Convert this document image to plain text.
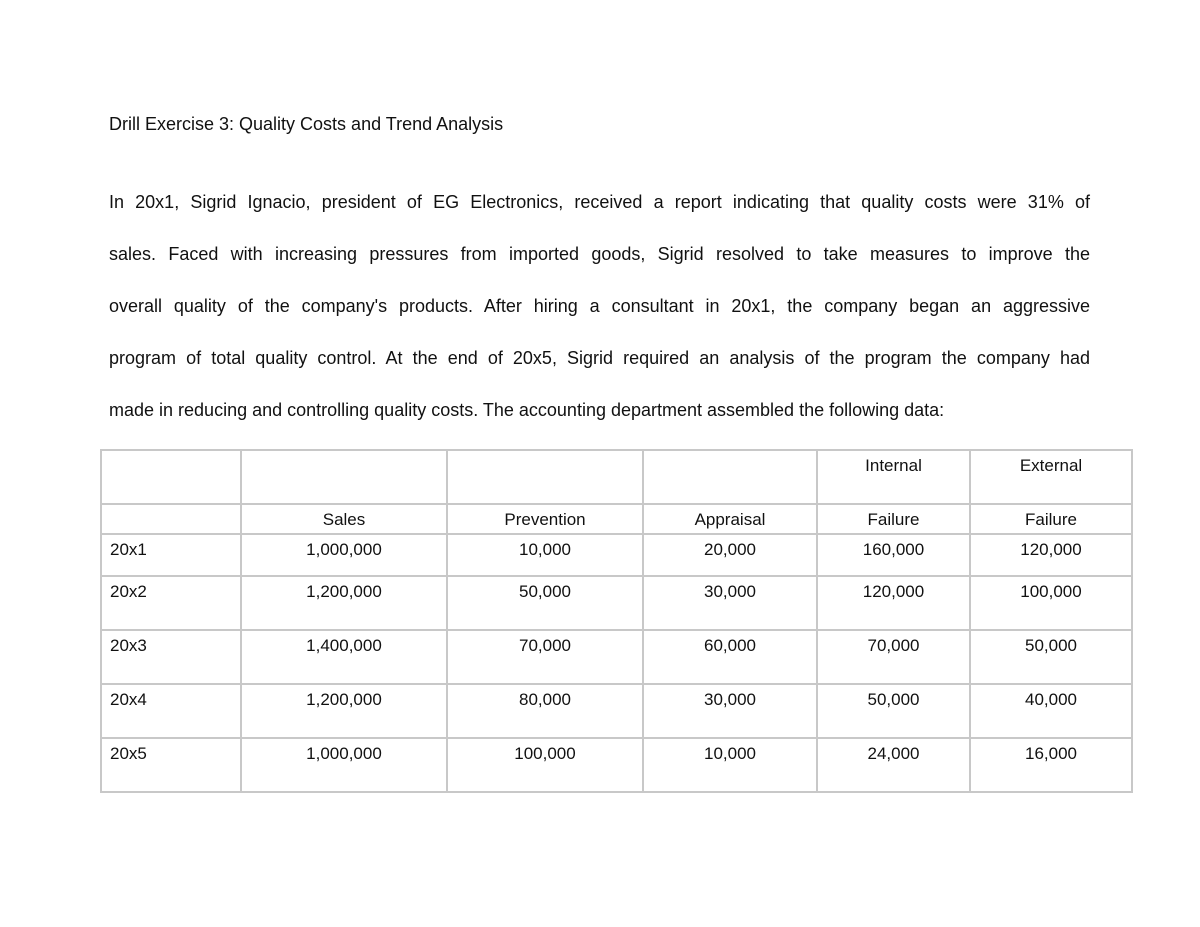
Drill Exercise 3: Quality Costs and Trend Analysis
In 20x1, Sigrid Ignacio, president of EG Electronics, received a report indicating that quality costs were 31% of
sales. Faced with increasing pressures from imported goods, Sigrid resolved to take measures to improve the
overall quality of the company's products. After hiring a consultant in 20x1, the company began an aggressive
program of total quality control. At the end of 20x5, Sigrid required an analysis of the program the company had
made in reducing and controlling quality costs. The accounting department assembled the following data:
				Internal	External
	Sales	Prevention	Appraisal	Failure	Failure
20x1	1,000,000	10,000	20,000	160,000	120,000
20x2	1,200,000	50,000	30,000	120,000	100,000
20x3	1,400,000	70,000	60,000	70,000	50,000
20x4	1,200,000	80,000	30,000	50,000	40,000
20x5	1,000,000	100,000	10,000	24,000	16,000
